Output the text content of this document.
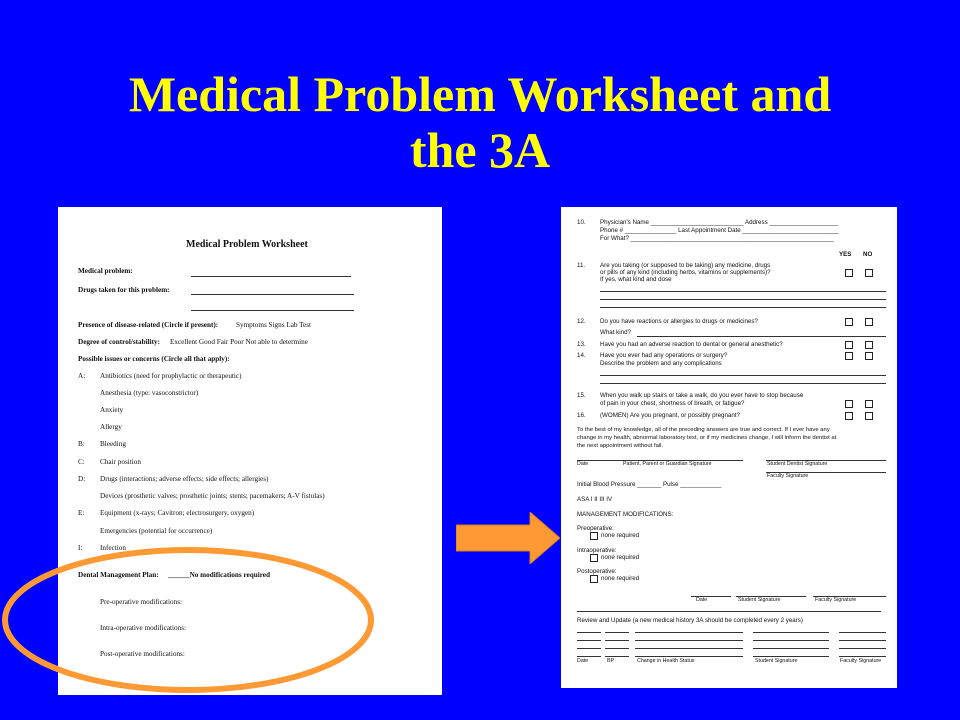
Medical Problem Worksheet and
the 3A
Medical Problem Worksheet
Medical problem:
Drugs taken for this problem:
Presence of disease-related (Circle if present): Symptoms Signs Lab Test
Degree of control/stability: Excellent Good Fair Poor Not able to determine
Possible issues or concerns (Circle all that apply):
A: Antibiotics (need for prophylactic or therapeutic)
Anesthesia (type: vasoconstrictor)
Anxiety
Allergy
B: Bleeding
C: Chair position
D: Drugs (interactions; adverse effects; side effects; allergies)
Devices (prosthetic valves; prosthetic joints; stents; pacemakers; A-V fistulas)
E: Equipment (x-rays; Cavitron; electrosurgery, oxygen)
Emergencies (potential for occurrence)
I: Infection
Dental Management Plan: ______No modifications required
Pre-operative modifications:
Intra-operative modifications:
Post-operative modifications:
10. Physician's Name ___________________________ Address ____________________
Phone # _______________ Last Appointment Date ____________________________
For What? ___________________________________________________________
YES NO
11. Are you taking (or supposed to be taking) any medicine, drugs
or pills of any kind (including herbs, vitamins or supplements)?
If yes, what kind and dose
12. Do you have reactions or allergies to drugs or medicines?
What kind?
13. Have you had an adverse reaction to dental or general anesthetic?
14. Have you ever had any operations or surgery?
Describe the problem and any complications
15. When you walk up stairs or take a walk, do you ever have to stop because
of pain in your chest, shortness of breath, or fatigue?
16. (WOMEN) Are you pregnant, or possibly pregnant?
To the best of my knowledge, all of the preceding answers are true and correct. If I ever have any
change in my health, abnormal laboratory test, or if my medicines change, I will inform the dentist at
the next appointment without fail.
Date	Patient, Parent or Guardian Signature	Student Dentist Signature
Faculty Signature
Initial Blood Pressure _______ Pulse ____________
ASA I II III IV
MANAGEMENT MODIFICATIONS:
Preoperative:
none required
Intraoperative:
none required
Postoperative:
none required
Date	Student Signature	Faculty Signature
Review and Update (a new medical history 3A should be completed every 2 years)
Date	BP	Change in Health Status	Student Signature	Faculty Signature
